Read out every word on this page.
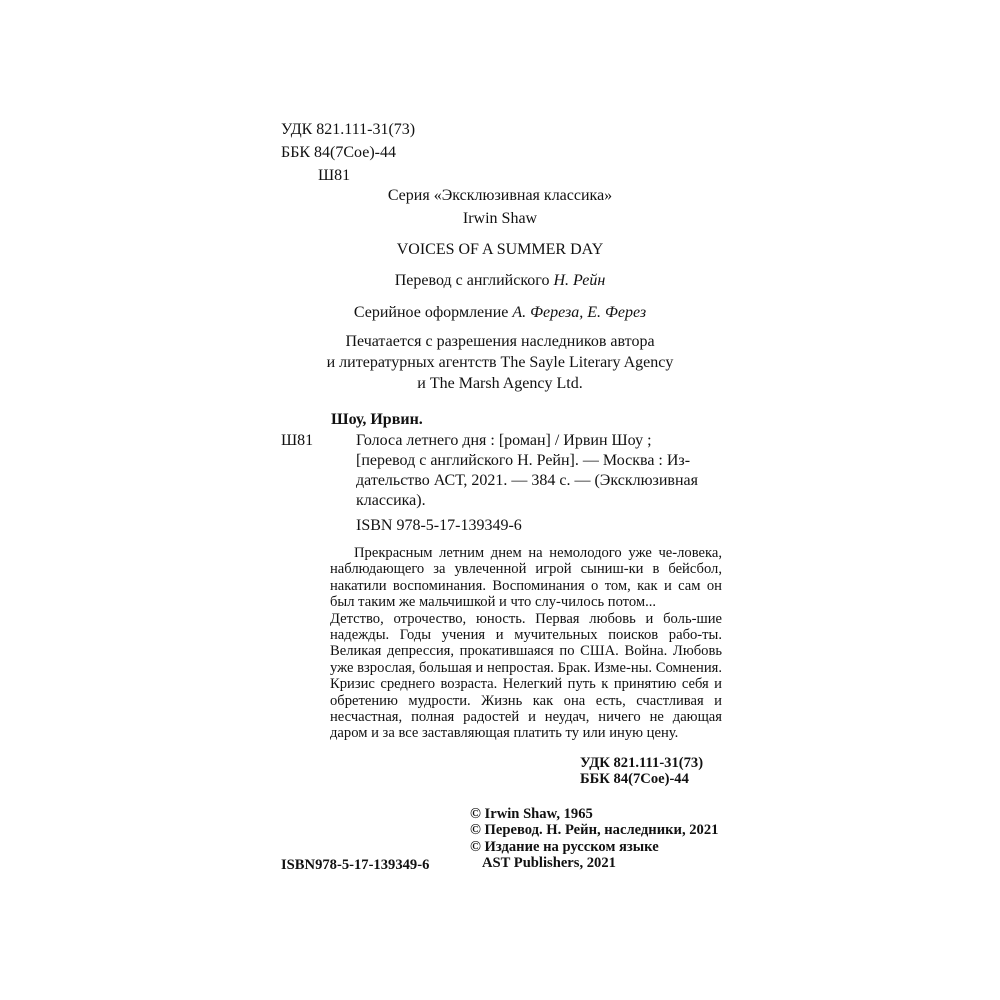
УДК 821.111-31(73)
ББК 84(7Сое)-44
Ш81
Серия «Эксклюзивная классика»
Irwin Shaw
VOICES OF A SUMMER DAY
Перевод с английского Н. Рейн
Серийное оформление А. Фереза, Е. Ферез
Печатается с разрешения наследников автора
и литературных агентств The Sayle Literary Agency
и The Marsh Agency Ltd.
Шоу, Ирвин.
Ш81	Голоса летнего дня : [роман] / Ирвин Шоу ;
[перевод с английского Н. Рейн]. — Москва : Из-
дательство АСТ, 2021. — 384 с. — (Эксклюзивная
классика).
ISBN 978-5-17-139349-6

Прекрасным летним днем на немолодого уже че-ловека, наблюдающего за увлеченной игрой сыниш-ки в бейсбол, накатили воспоминания. Воспоминания о том, как и сам он был таким же мальчишкой и что слу-чилось потом...

Детство, отрочество, юность. Первая любовь и боль-шие надежды. Годы учения и мучительных поисков рабо-ты. Великая депрессия, прокатившаяся по США. Война. Любовь уже взрослая, большая и непростая. Брак. Изме-ны. Сомнения. Кризис среднего возраста. Нелегкий путь к принятию себя и обретению мудрости. Жизнь как она есть, счастливая и несчастная, полная радостей и неудач, ничего не дающая даром и за все заставляющая платить ту или иную цену.

УДК 821.111-31(73)
ББК 84(7Сое)-44
© Irwin Shaw, 1965
© Перевод. Н. Рейн, наследники, 2021
© Издание на русском языке
AST Publishers, 2021
ISBN978-5-17-139349-6
